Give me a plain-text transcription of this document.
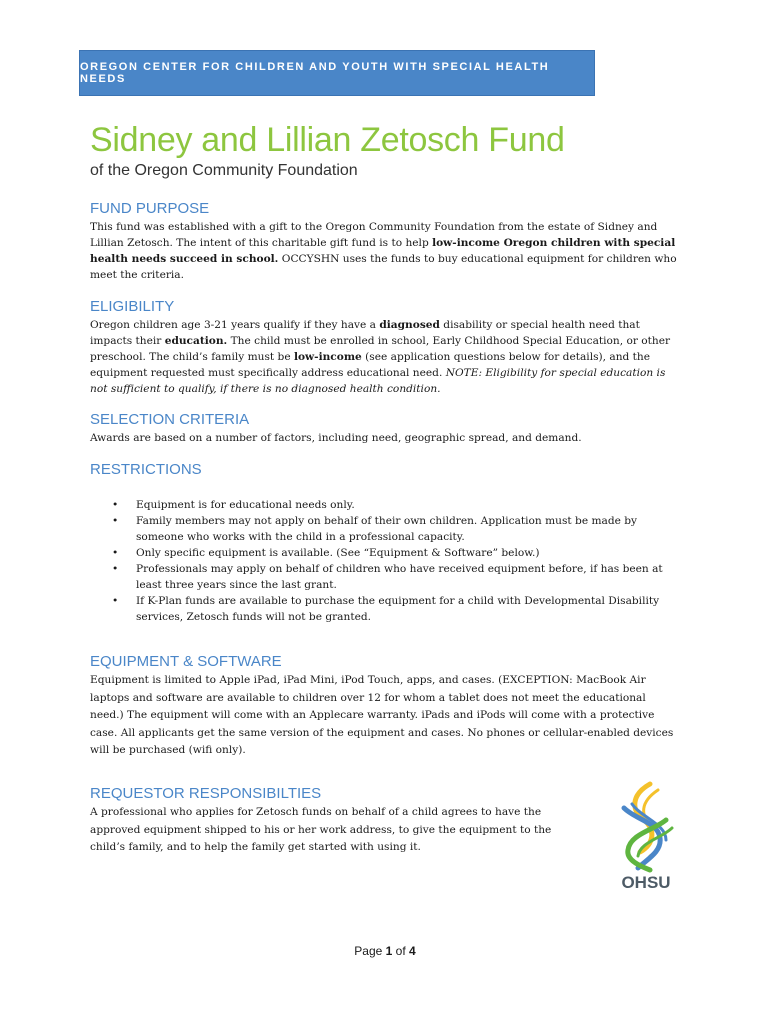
OREGON CENTER FOR CHILDREN AND YOUTH WITH SPECIAL HEALTH NEEDS
Sidney and Lillian Zetosch Fund
of the Oregon Community Foundation
FUND PURPOSE

This fund was established with a gift to the Oregon Community Foundation from the estate of Sidney and Lillian Zetosch. The intent of this charitable gift fund is to help low-income Oregon children with special health needs succeed in school. OCCYSHN uses the funds to buy educational equipment for children who meet the criteria.

ELIGIBILITY

Oregon children age 3-21 years qualify if they have a diagnosed disability or special health need that impacts their education. The child must be enrolled in school, Early Childhood Special Education, or other preschool. The child’s family must be low-income (see application questions below for details), and the equipment requested must specifically address educational need. NOTE: Eligibility for special education is not sufficient to qualify, if there is no diagnosed health condition.

SELECTION CRITERIA

Awards are based on a number of factors, including need, geographic spread, and demand.

RESTRICTIONS
• Equipment is for educational needs only.
• Family members may not apply on behalf of their own children. Application must be made by someone who works with the child in a professional capacity.
• Only specific equipment is available. (See “Equipment & Software” below.)
• Professionals may apply on behalf of children who have received equipment before, if has been at least three years since the last grant.
• If K-Plan funds are available to purchase the equipment for a child with Developmental Disability services, Zetosch funds will not be granted.
EQUIPMENT & SOFTWARE

Equipment is limited to Apple iPad, iPad Mini, iPod Touch, apps, and cases. (EXCEPTION: MacBook Air laptops and software are available to children over 12 for whom a tablet does not meet the educational need.) The equipment will come with an Applecare warranty. iPads and iPods will come with a protective case. All applicants get the same version of the equipment and cases. No phones or cellular-enabled devices will be purchased (wifi only).

REQUESTOR RESPONSIBILTIES

A professional who applies for Zetosch funds on behalf of a child agrees to have the approved equipment shipped to his or her work address, to give the equipment to the child’s family, and to help the family get started with using it.

OHSU
Page 1 of 4
